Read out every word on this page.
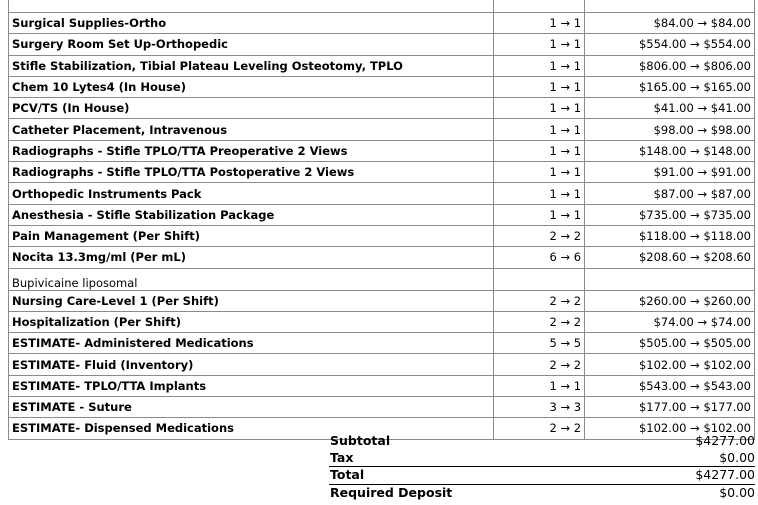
Surgical Supplies-Ortho	1 → 1	$84.00 → $84.00
Surgery Room Set Up-Orthopedic	1 → 1	$554.00 → $554.00
Stifle Stabilization, Tibial Plateau Leveling Osteotomy, TPLO	1 → 1	$806.00 → $806.00
Chem 10 Lytes4 (In House)	1 → 1	$165.00 → $165.00
PCV/TS (In House)	1 → 1	$41.00 → $41.00
Catheter Placement, Intravenous	1 → 1	$98.00 → $98.00
Radiographs - Stifle TPLO/TTA Preoperative 2 Views	1 → 1	$148.00 → $148.00
Radiographs - Stifle TPLO/TTA Postoperative 2 Views	1 → 1	$91.00 → $91.00
Orthopedic Instruments Pack	1 → 1	$87.00 → $87.00
Anesthesia - Stifle Stabilization Package	1 → 1	$735.00 → $735.00
Pain Management (Per Shift)	2 → 2	$118.00 → $118.00
Nocita 13.3mg/ml (Per mL)	6 → 6	$208.60 → $208.60
Bupivicaine liposomal		
Nursing Care-Level 1 (Per Shift)	2 → 2	$260.00 → $260.00
Hospitalization (Per Shift)	2 → 2	$74.00 → $74.00
ESTIMATE- Administered Medications	5 → 5	$505.00 → $505.00
ESTIMATE- Fluid (Inventory)	2 → 2	$102.00 → $102.00
ESTIMATE- TPLO/TTA Implants	1 → 1	$543.00 → $543.00
ESTIMATE - Suture	3 → 3	$177.00 → $177.00
ESTIMATE- Dispensed Medications	2 → 2	$102.00 → $102.00
Subtotal	$4277.00
Tax	$0.00
Total	$4277.00
Required Deposit	$0.00
